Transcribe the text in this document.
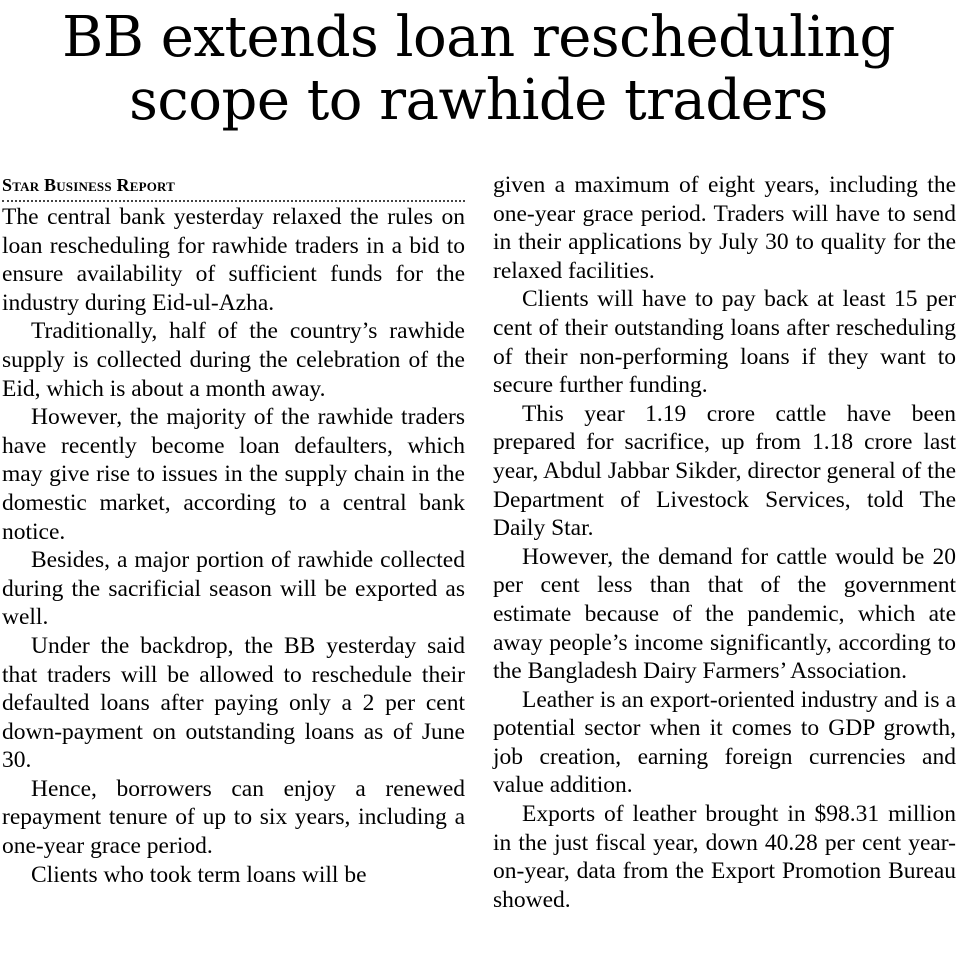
BB extends loan rescheduling
scope to rawhide traders
Star Business Report

The central bank yesterday relaxed the rules on loan rescheduling for rawhide traders in a bid to ensure availability of sufficient funds for the industry during Eid-ul-Azha.

Traditionally, half of the country’s rawhide supply is collected during the celebration of the Eid, which is about a month away.

However, the majority of the rawhide traders have recently become loan defaulters, which may give rise to issues in the supply chain in the domestic market, according to a central bank notice.

Besides, a major portion of rawhide collected during the sacrificial season will be exported as well.

Under the backdrop, the BB yesterday said that traders will be allowed to reschedule their defaulted loans after paying only a 2 per cent down-payment on outstanding loans as of June 30.

Hence, borrowers can enjoy a renewed repayment tenure of up to six years, including a one-year grace period.

Clients who took term loans will be

given a maximum of eight years, including the one-year grace period. Traders will have to send in their applications by July 30 to quality for the relaxed facilities.

Clients will have to pay back at least 15 per cent of their outstanding loans after rescheduling of their non-performing loans if they want to secure further funding.

This year 1.19 crore cattle have been prepared for sacrifice, up from 1.18 crore last year, Abdul Jabbar Sikder, director general of the Department of Livestock Services, told The Daily Star.

However, the demand for cattle would be 20 per cent less than that of the government estimate because of the pandemic, which ate away people’s income significantly, according to the Bangladesh Dairy Farmers’ Association.

Leather is an export-oriented industry and is a potential sector when it comes to GDP growth, job creation, earning foreign currencies and value addition.

Exports of leather brought in $98.31 million in the just fiscal year, down 40.28 per cent year-on-year, data from the Export Promotion Bureau showed.
